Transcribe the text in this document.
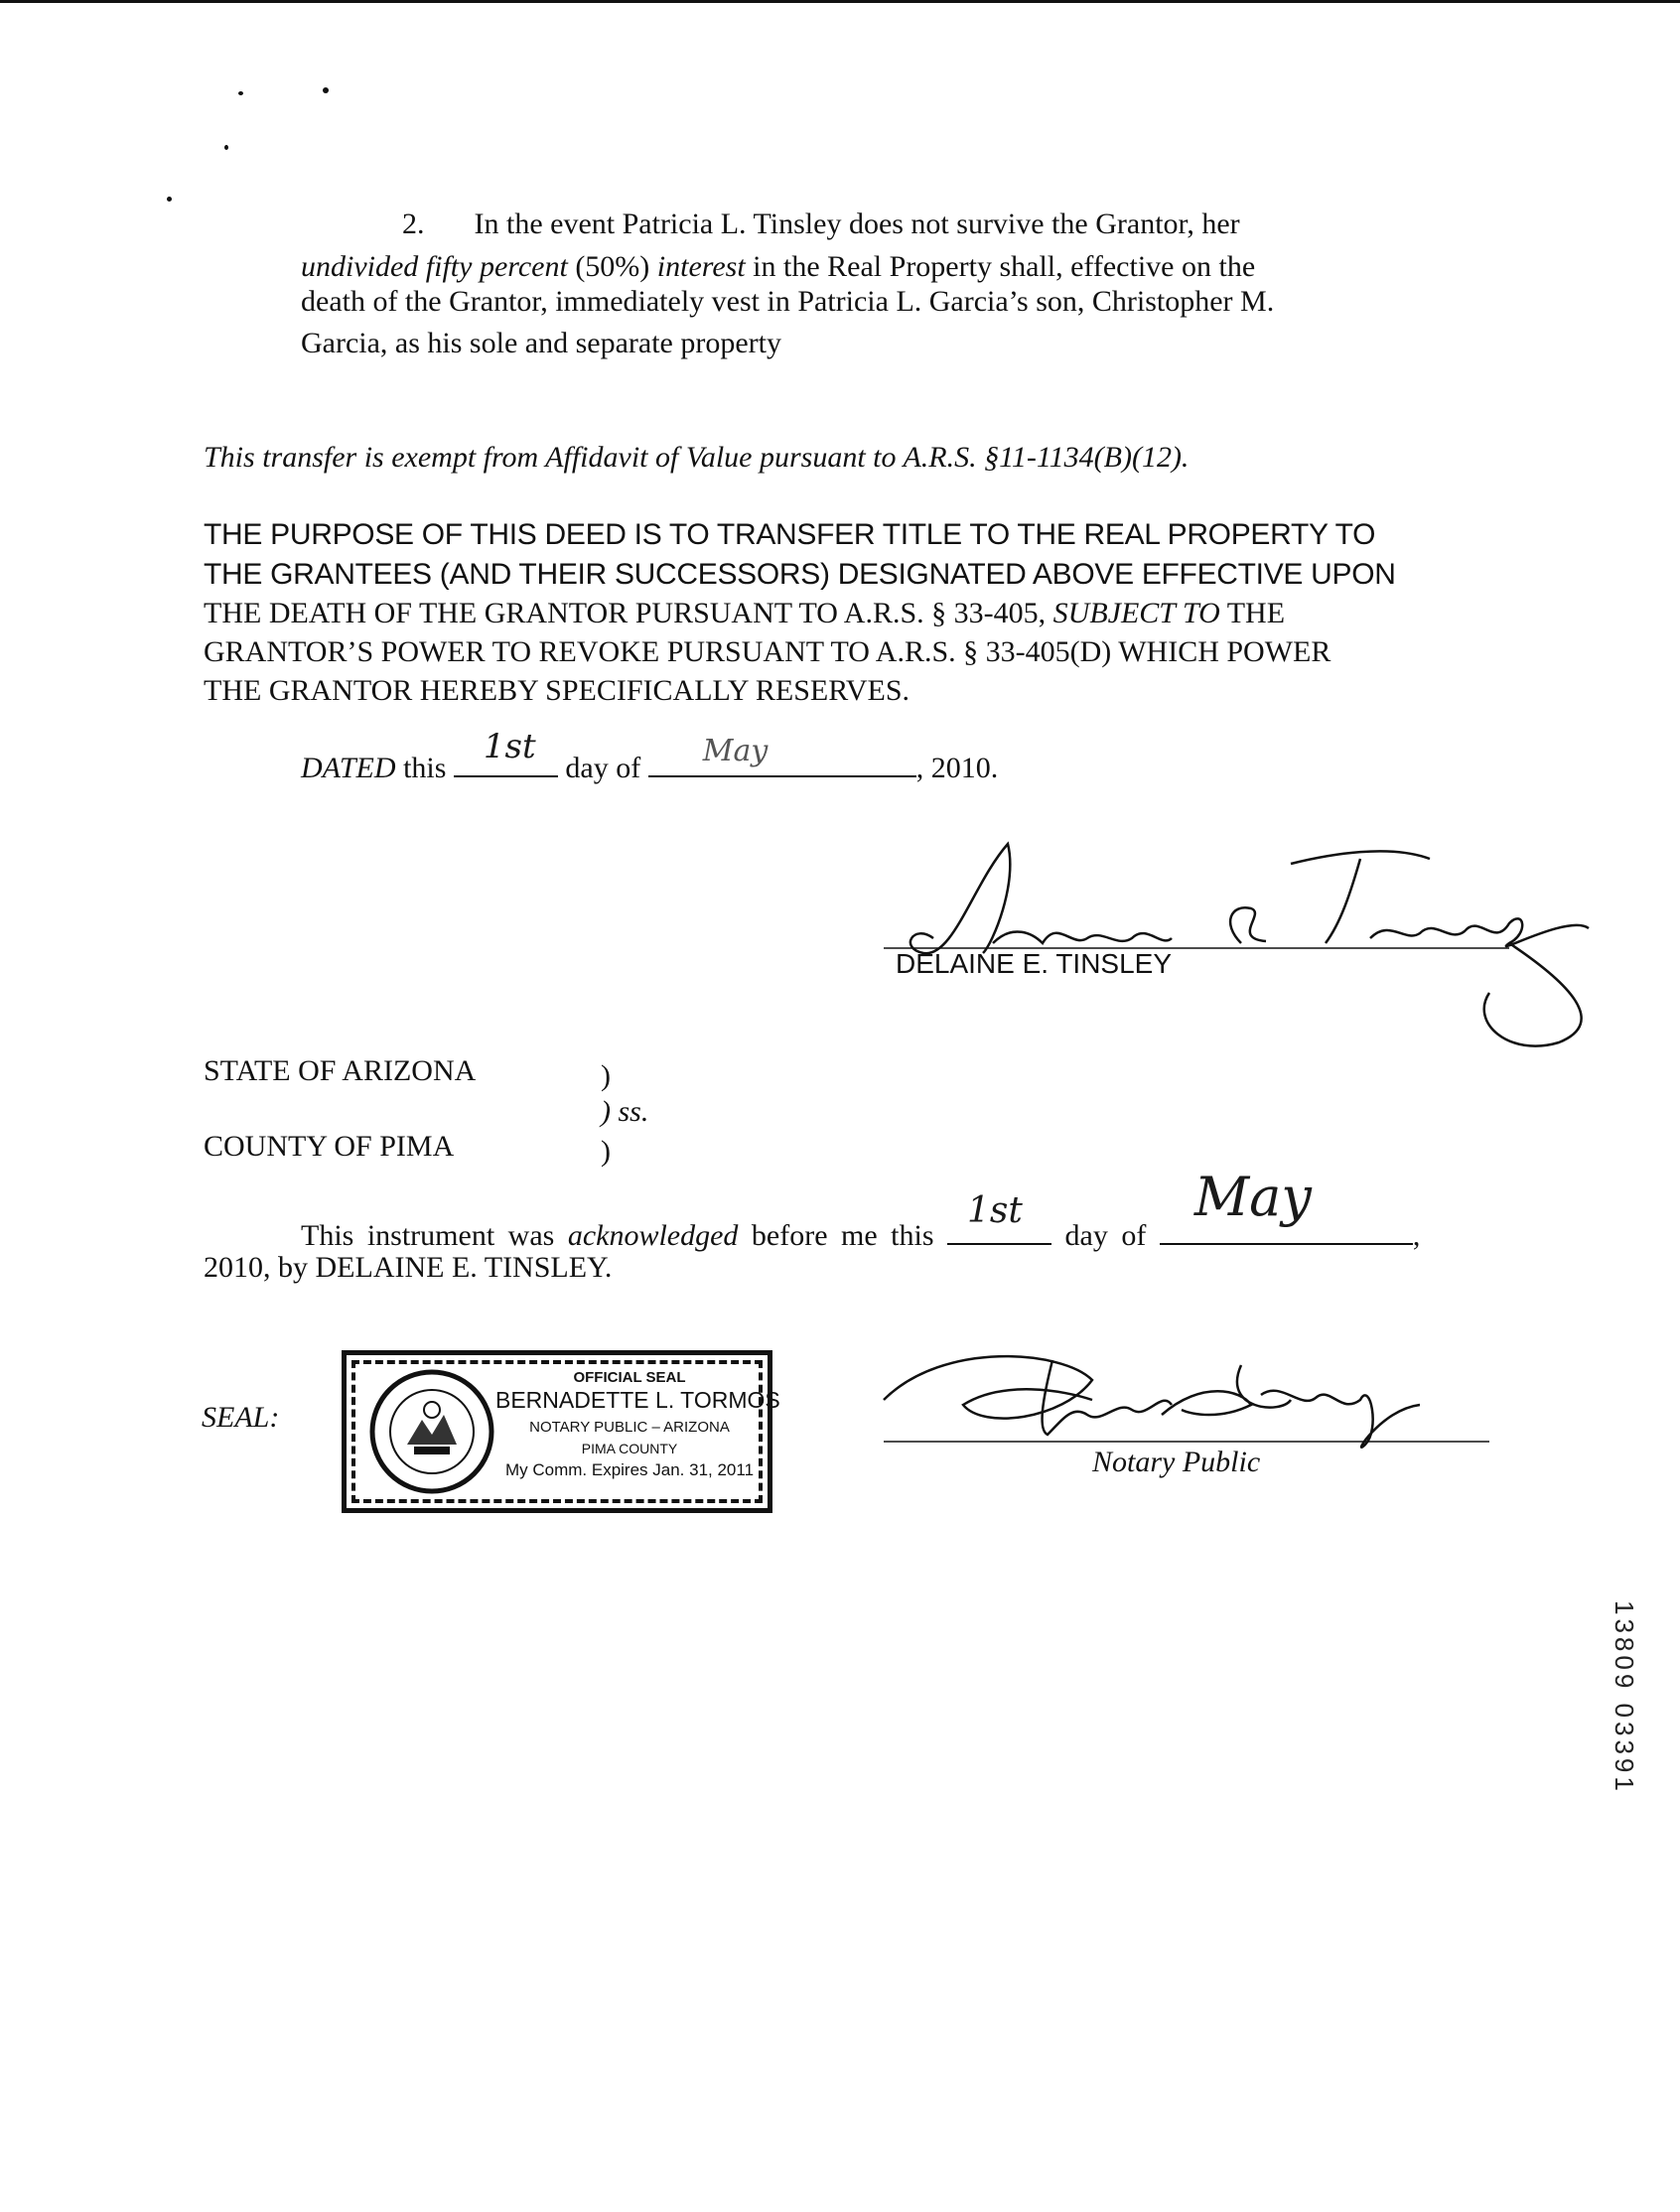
2. In the event Patricia L. Tinsley does not survive the Grantor, her

undivided fifty percent (50%) interest in the Real Property shall, effective on the

death of the Grantor, immediately vest in Patricia L. Garcia’s son, Christopher M.

Garcia, as his sole and separate property

This transfer is exempt from Affidavit of Value pursuant to A.R.S. §11-1134(B)(12).

THE PURPOSE OF THIS DEED IS TO TRANSFER TITLE TO THE REAL PROPERTY TO

THE GRANTEES (AND THEIR SUCCESSORS) DESIGNATED ABOVE EFFECTIVE UPON

THE DEATH OF THE GRANTOR PURSUANT TO A.R.S. § 33-405, SUBJECT TO THE

GRANTOR’S POWER TO REVOKE PURSUANT TO A.R.S. § 33-405(D) WHICH POWER

THE GRANTOR HEREBY SPECIFICALLY RESERVES.

DATED this
1st
day of May	, 2010.

DELAINE E. TINSLEY

STATE OF ARIZONA	)

) ss.

COUNTY OF PIMA	)

This instrument was acknowledged before me this
1st
day of
May
,

2010, by DELAINE E. TINSLEY.

SEAL:

OFFICIAL SEAL
BERNADETTE L. TORMOS
NOTARY PUBLIC – ARIZONA
PIMA COUNTY
My Comm. Expires Jan. 31, 2011	Notary Public

13809 03391
